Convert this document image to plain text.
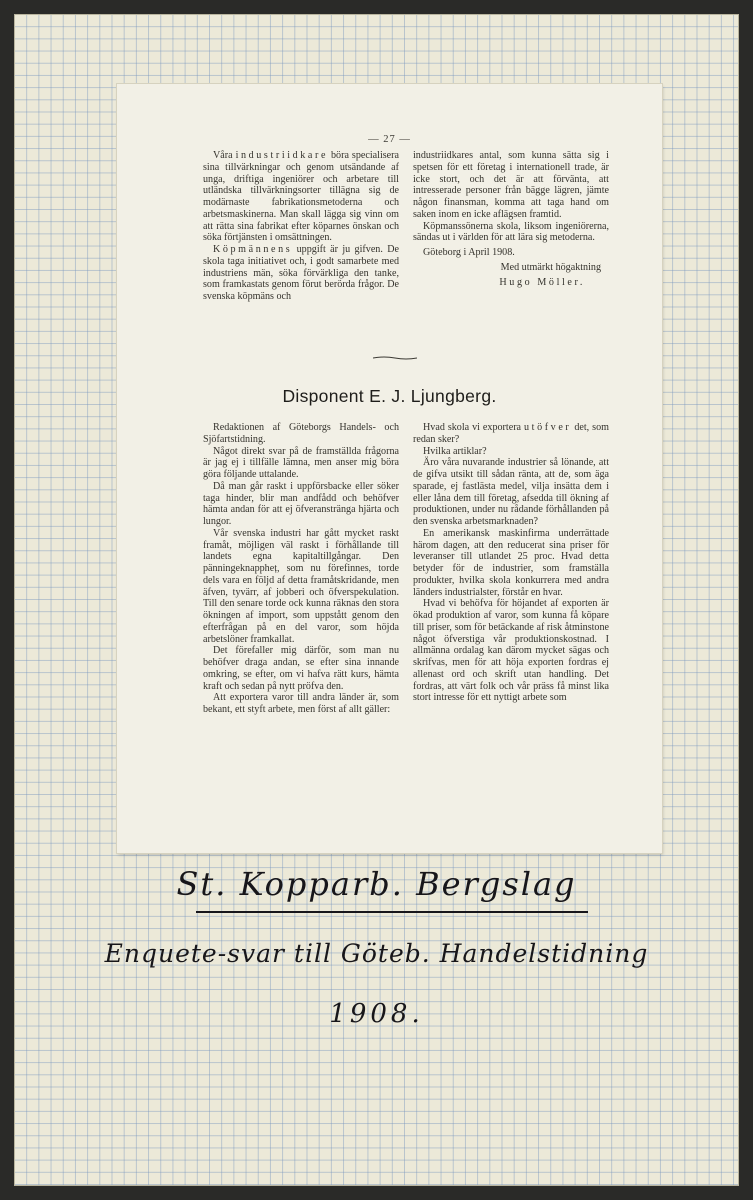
— 27 —

Våra industriidkare böra specialisera sina tillvärkningar och genom utsändande af unga, driftiga ingeniörer och arbetare till utländska tillvärkningsorter tillägna sig de modärnaste fabrikationsmetoderna och arbetsmaskinerna. Man skall lägga sig vinn om att rätta sina fabrikat efter köparnes önskan och söka förtjänsten i omsättningen.

Köpmännens uppgift är ju gifven. De skola taga initiativet och, i godt samarbete med industriens män, söka förvärkliga den tanke, som framkastats genom förut berörda frågor. De svenska köpmäns och

industriidkares antal, som kunna sätta sig i spetsen för ett företag i internationell trade, är icke stort, och det är att förvänta, att intresserade personer från bägge lägren, jämte någon finansman, komma att taga hand om saken inom en icke aflägsen framtid.

Köpmanssönerna skola, liksom ingeniörerna, sändas ut i världen för att lära sig metoderna.

Göteborg i April 1908.

Med utmärkt högaktning

Hugo Möller.

Disponent E. J. Ljungberg.

Redaktionen af Göteborgs Handels- och Sjöfartstidning.

Något direkt svar på de framställda frågorna är jag ej i tillfälle lämna, men anser mig böra göra följande uttalande.

Då man går raskt i uppförsbacke eller söker taga hinder, blir man andfådd och behöfver hämta andan för att ej öfveranstränga hjärta och lungor.

Vår svenska industri har gått mycket raskt framåt, möjligen väl raskt i förhållande till landets egna kapitaltillgångar. Den pänningeknappheț, som nu förefinnes, torde dels vara en följd af detta framåtskridande, men äfven, tyvärr, af jobberi och öfverspekulation. Till den senare torde ock kunna räknas den stora ökningen af import, som uppstått genom den efterfrågan på en del varor, som höjda arbetslöner framkallat.

Det förefaller mig därför, som man nu behöfver draga andan, se efter sina innande omkring, se efter, om vi hafva rätt kurs, hämta kraft och sedan på nytt pröfva den.

Att exportera varor till andra länder är, som bekant, ett styft arbete, men först af allt gäller:

Hvad skola vi exportera utöfver det, som redan sker?

Hvilka artiklar?

Äro våra nuvarande industrier så lönande, att de gifva utsikt till sådan ränta, att de, som äga sparade, ej fastlästa medel, vilja insätta dem i eller låna dem till företag, afsedda till ökning af produktionen, under nu rådande förhållanden på den svenska arbetsmarknaden?

En amerikansk maskinfirma underrättade härom dagen, att den reducerat sina priser för leveranser till utlandet 25 proc. Hvad detta betyder för de industrier, som framställa produkter, hvilka skola konkurrera med andra länders industrialster, förstår en hvar.

Hvad vi behöfva för höjandet af exporten är ökad produktion af varor, som kunna få köpare till priser, som för betäckande af risk åtminstone något öfverstiga vår produktionskostnad. I allmänna ordalag kan därom mycket sägas och skrifvas, men för att höja exporten fordras ej allenast ord och skrift utan handling. Det fordras, att värt folk och vår präss få minst lika stort intresse för ett nyttigt arbete som

St. Kopparb. Bergslag
Enquete-svar till Göteb. Handelstidning
1908.
